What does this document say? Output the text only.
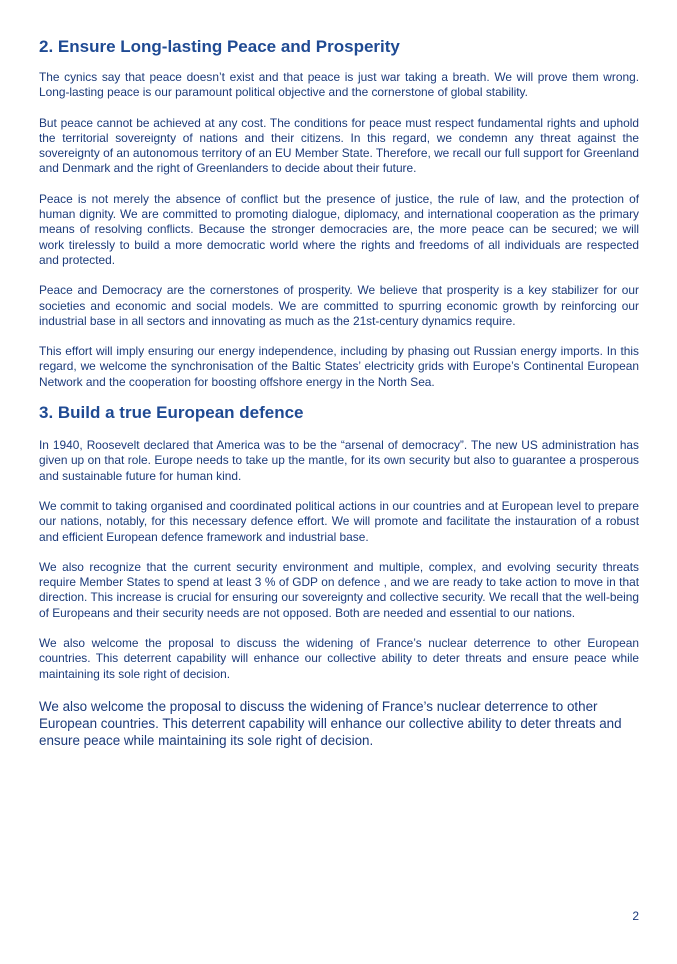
2. Ensure Long-lasting Peace and Prosperity

The cynics say that peace doesn’t exist and that peace is just war taking a breath. We will prove them wrong. Long-lasting peace is our paramount political objective and the cornerstone of global stability.

But peace cannot be achieved at any cost. The conditions for peace must respect fundamental rights and uphold the territorial sovereignty of nations and their citizens. In this regard, we condemn any threat against the sovereignty of an autonomous territory of an EU Member State. Therefore, we recall our full support for Greenland and Denmark and the right of Greenlanders to decide about their future.

Peace is not merely the absence of conflict but the presence of justice, the rule of law, and the protection of human dignity. We are committed to promoting dialogue, diplomacy, and international cooperation as the primary means of resolving conflicts. Because the stronger democracies are, the more peace can be secured; we will work tirelessly to build a more democratic world where the rights and freedoms of all individuals are respected and protected.

Peace and Democracy are the cornerstones of prosperity. We believe that prosperity is a key stabilizer for our societies and economic and social models. We are committed to spurring economic growth by reinforcing our industrial base in all sectors and innovating as much as the 21st-century dynamics require.

This effort will imply ensuring our energy independence, including by phasing out Russian energy imports. In this regard, we welcome the synchronisation of the Baltic States’ electricity grids with Europe’s Continental European Network and the cooperation for boosting offshore energy in the North Sea.

3. Build a true European defence

In 1940, Roosevelt declared that America was to be the “arsenal of democracy”. The new US administration has given up on that role. Europe needs to take up the mantle, for its own security but also to guarantee a prosperous and sustainable future for human kind.

We commit to taking organised and coordinated political actions in our countries and at European level to prepare our nations, notably, for this necessary defence effort. We will promote and facilitate the instauration of a robust and efficient European defence framework and industrial base.

We also recognize that the current security environment and multiple, complex, and evolving security threats require Member States to spend at least 3 % of GDP on defence , and we are ready to take action to move in that direction. This increase is crucial for ensuring our sovereignty and collective security. We recall that the well-being of Europeans and their security needs are not opposed. Both are needed and essential to our nations.

We also welcome the proposal to discuss the widening of France’s nuclear deterrence to other European countries. This deterrent capability will enhance our collective ability to deter threats and ensure peace while maintaining its sole right of decision.

We also welcome the proposal to discuss the widening of France’s nuclear deterrence to other European countries. This deterrent capability will enhance our collective ability to deter threats and ensure peace while maintaining its sole right of decision.

2
